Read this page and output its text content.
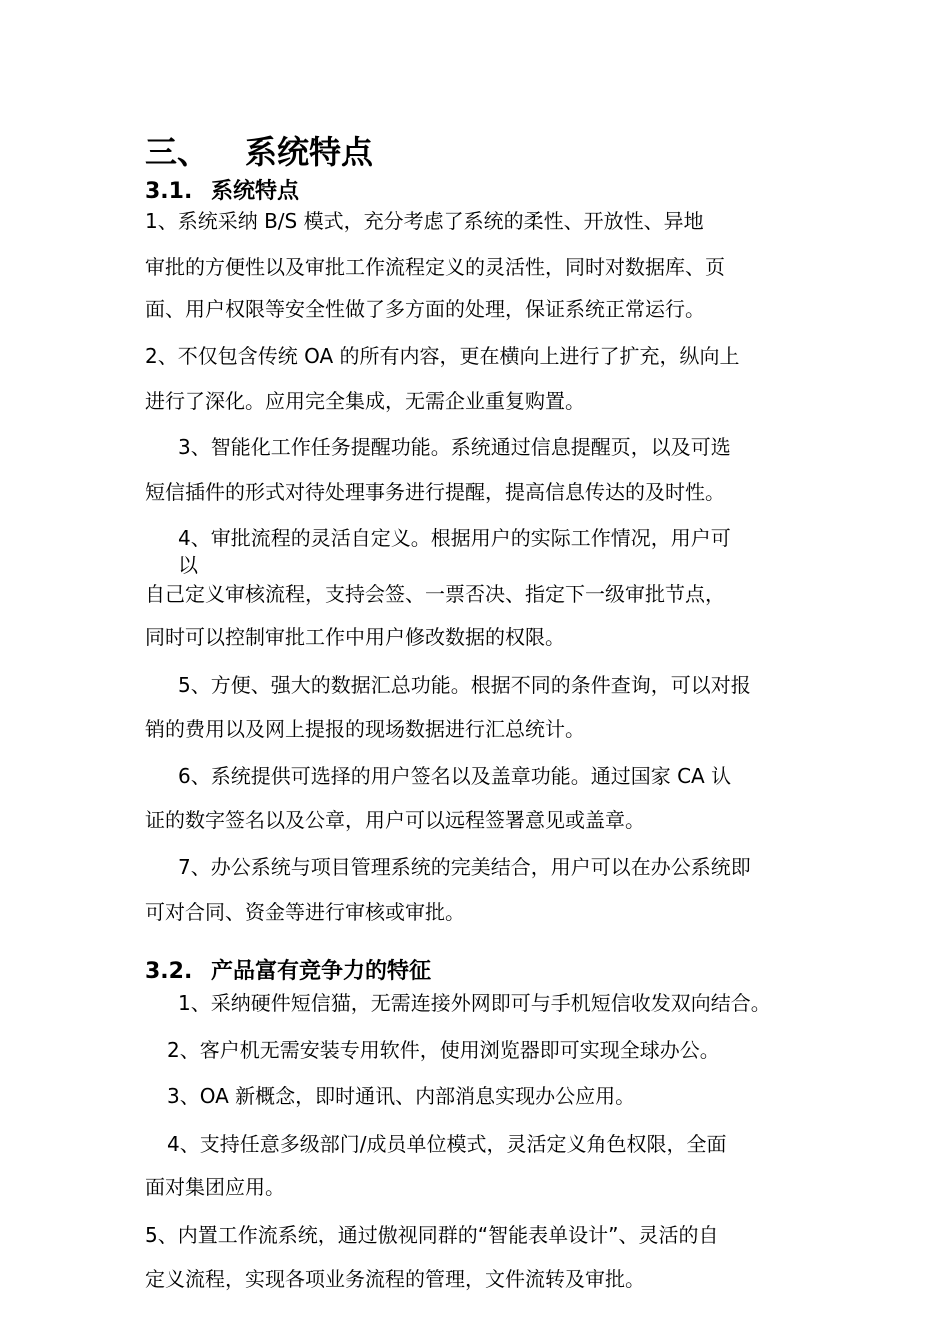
三、 系统特点
3.1. 系统特点
1、系统采纳 B/S 模式，充分考虑了系统的柔性、开放性、异地
审批的方便性以及审批工作流程定义的灵活性，同时对数据库、页
面、用户权限等安全性做了多方面的处理，保证系统正常运行。
2、不仅包含传统 OA 的所有内容，更在横向上进行了扩充，纵向上
进行了深化。应用完全集成，无需企业重复购置。
3、智能化工作任务提醒功能。系统通过信息提醒页，以及可选
短信插件的形式对待处理事务进行提醒，提高信息传达的及时性。
4、审批流程的灵活自定义。根据用户的实际工作情况，用户可
以
自己定义审核流程，支持会签、一票否决、指定下一级审批节点，
同时可以控制审批工作中用户修改数据的权限。
5、方便、强大的数据汇总功能。根据不同的条件查询，可以对报
销的费用以及网上提报的现场数据进行汇总统计。
6、系统提供可选择的用户签名以及盖章功能。通过国家 CA 认
证的数字签名以及公章，用户可以远程签署意见或盖章。
7、办公系统与项目管理系统的完美结合，用户可以在办公系统即
可对合同、资金等进行审核或审批。
3.2. 产品富有竞争力的特征
1、采纳硬件短信猫，无需连接外网即可与手机短信收发双向结合。
2、客户机无需安装专用软件，使用浏览器即可实现全球办公。
3、OA 新概念，即时通讯、内部消息实现办公应用。
4、支持任意多级部门/成员单位模式，灵活定义角色权限，全面
面对集团应用。
5、内置工作流系统，通过傲视同群的“智能表单设计”、灵活的自
定义流程，实现各项业务流程的管理，文件流转及审批。
